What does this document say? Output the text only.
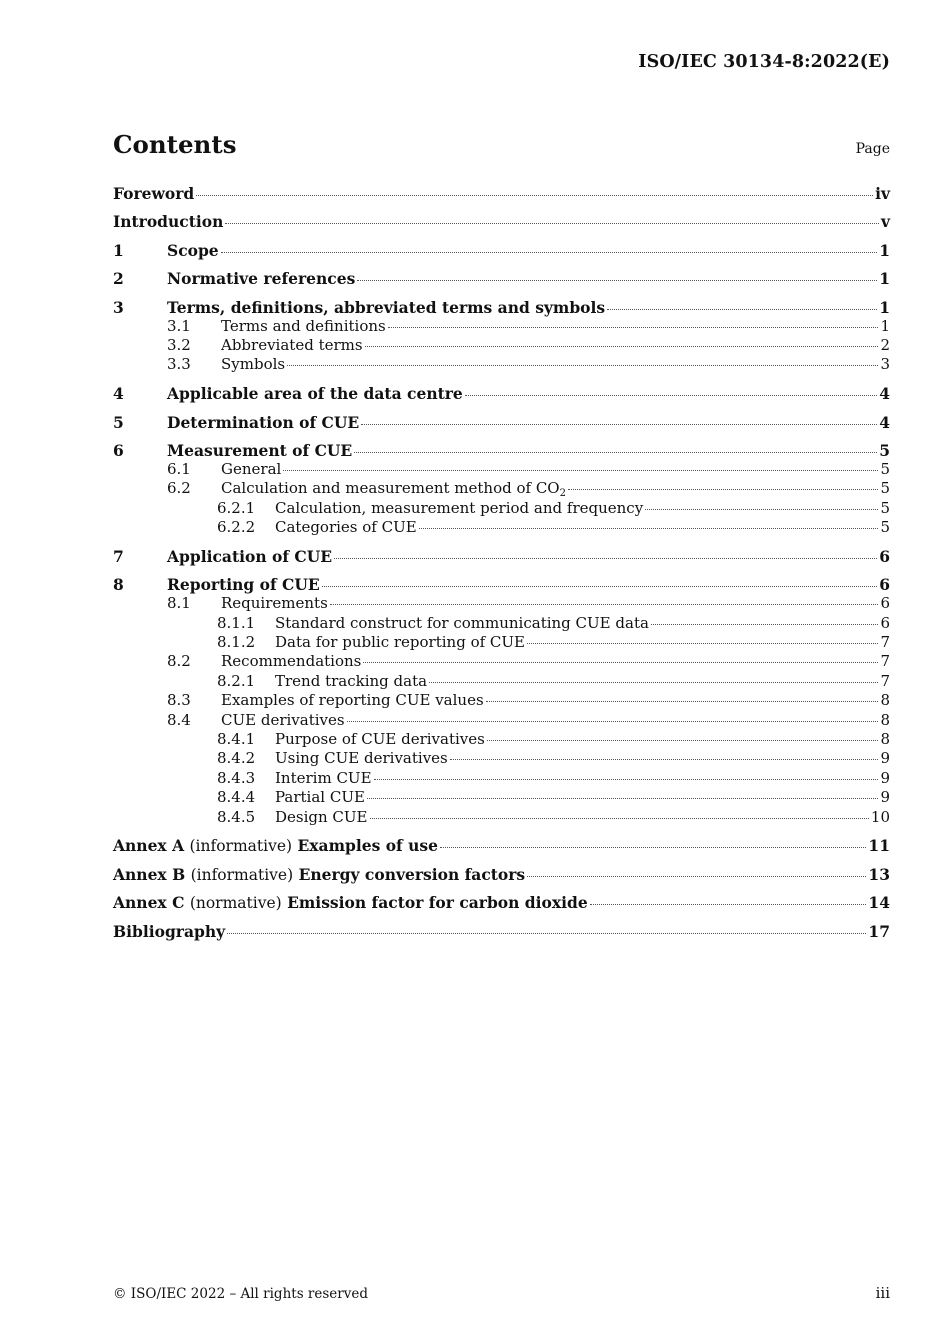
ISO/IEC 30134-8:2022(E)
Contents	Page
Foreword	iv
Introduction	v
1	Scope	1
2	Normative references	1
3	Terms, definitions, abbreviated terms and symbols	1
3.1	Terms and definitions	1
3.2	Abbreviated terms	2
3.3	Symbols	3
4	Applicable area of the data centre	4
5	Determination of CUE	4
6	Measurement of CUE	5
6.1	General	5
6.2	Calculation and measurement method of $CO_2$	5
6.2.1	Calculation, measurement period and frequency	5
6.2.2	Categories of CUE	5
7	Application of CUE	6
8	Reporting of CUE	6
8.1	Requirements	6
8.1.1	Standard construct for communicating CUE data	6
8.1.2	Data for public reporting of CUE	7
8.2	Recommendations	7
8.2.1	Trend tracking data	7
8.3	Examples of reporting CUE values	8
8.4	CUE derivatives	8
8.4.1	Purpose of CUE derivatives	8
8.4.2	Using CUE derivatives	9
8.4.3	Interim CUE	9
8.4.4	Partial CUE	9
8.4.5	Design CUE	10
Annex A (informative) Examples of use	11
Annex B (informative) Energy conversion factors	13
Annex C (normative) Emission factor for carbon dioxide	14
Bibliography	17
© ISO/IEC 2022 – All rights reserved	iii
